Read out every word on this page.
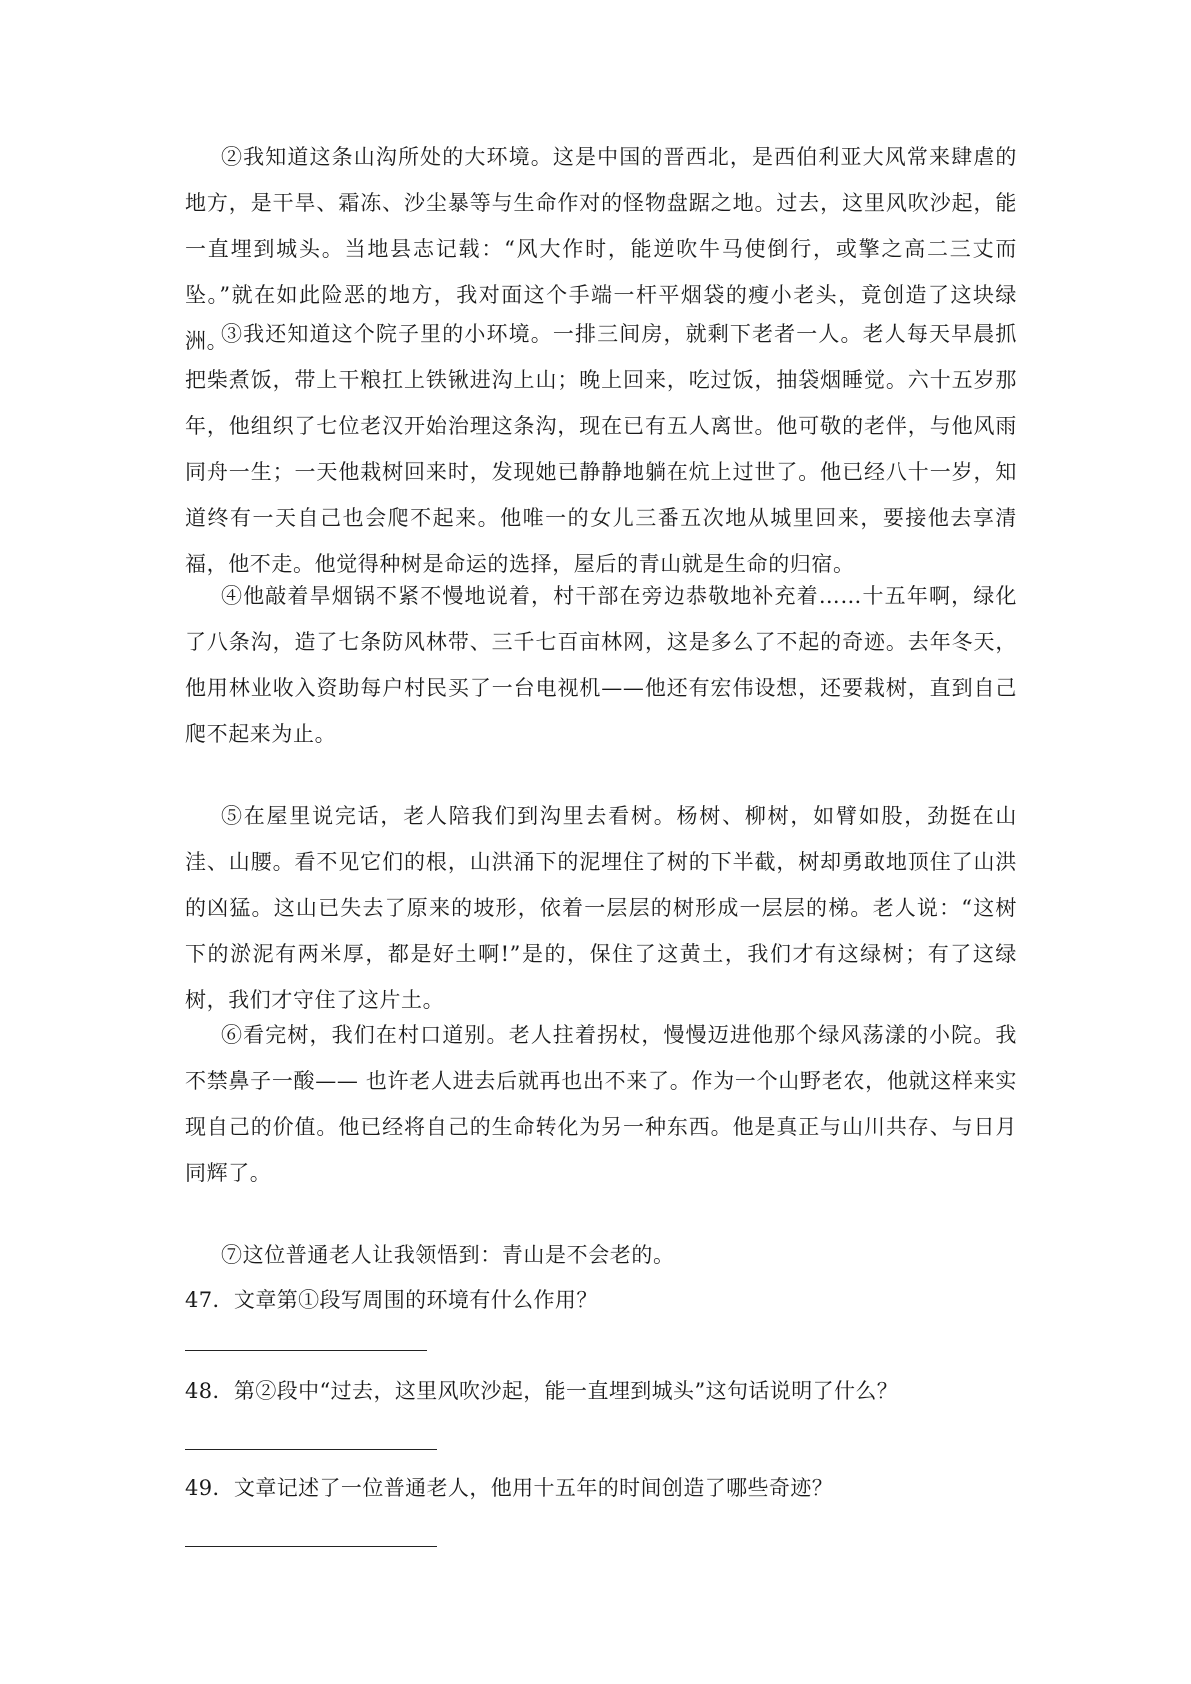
②我知道这条山沟所处的大环境。这是中国的晋西北，是西伯利亚大风常来肆虐的地方，是干旱、霜冻、沙尘暴等与生命作对的怪物盘踞之地。过去，这里风吹沙起，能一直埋到城头。当地县志记载：“风大作时，能逆吹牛马使倒行，或擎之高二三丈而坠。”就在如此险恶的地方，我对面这个手端一杆平烟袋的瘦小老头，竟创造了这块绿洲。

③我还知道这个院子里的小环境。一排三间房，就剩下老者一人。老人每天早晨抓把柴煮饭，带上干粮扛上铁锹进沟上山；晚上回来，吃过饭，抽袋烟睡觉。六十五岁那年，他组织了七位老汉开始治理这条沟，现在已有五人离世。他可敬的老伴，与他风雨同舟一生；一天他栽树回来时，发现她已静静地躺在炕上过世了。他已经八十一岁，知道终有一天自己也会爬不起来。他唯一的女儿三番五次地从城里回来，要接他去享清福，他不走。他觉得种树是命运的选择，屋后的青山就是生命的归宿。

④他敲着旱烟锅不紧不慢地说着，村干部在旁边恭敬地补充着……十五年啊，绿化了八条沟，造了七条防风林带、三千七百亩林网，这是多么了不起的奇迹。去年冬天，他用林业收入资助每户村民买了一台电视机——他还有宏伟设想，还要栽树，直到自己爬不起来为止。

⑤在屋里说完话，老人陪我们到沟里去看树。杨树、柳树，如臂如股，劲挺在山洼、山腰。看不见它们的根，山洪涌下的泥埋住了树的下半截，树却勇敢地顶住了山洪的凶猛。这山已失去了原来的坡形，依着一层层的树形成一层层的梯。老人说：“这树下的淤泥有两米厚，都是好土啊!”是的，保住了这黄土，我们才有这绿树；有了这绿树，我们才守住了这片土。

⑥看完树，我们在村口道别。老人拄着拐杖，慢慢迈进他那个绿风荡漾的小院。我不禁鼻子一酸—— 也许老人进去后就再也出不来了。作为一个山野老农，他就这样来实现自己的价值。他已经将自己的生命转化为另一种东西。他是真正与山川共存、与日月同辉了。

⑦这位普通老人让我领悟到：青山是不会老的。

47．文章第①段写周围的环境有什么作用？

48．第②段中“过去，这里风吹沙起，能一直埋到城头”这句话说明了什么？

49．文章记述了一位普通老人，他用十五年的时间创造了哪些奇迹？
